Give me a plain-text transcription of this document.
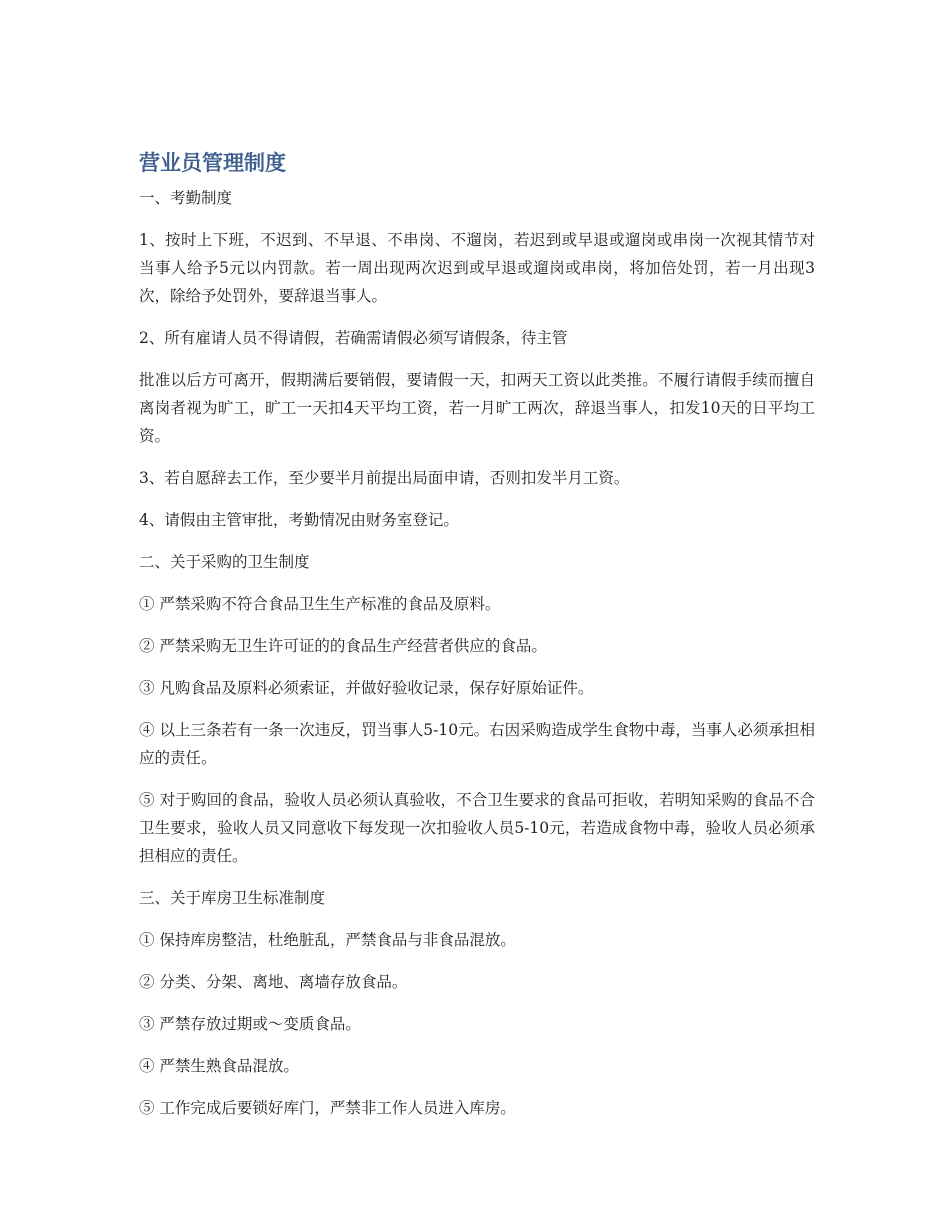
营业员管理制度
一、考勤制度

1、按时上下班，不迟到、不早退、不串岗、不遛岗，若迟到或早退或遛岗或串岗一次视其情节对当事人给予5元以内罚款。若一周出现两次迟到或早退或遛岗或串岗，将加倍处罚，若一月出现3次，除给予处罚外，要辞退当事人。

2、所有雇请人员不得请假，若确需请假必须写请假条，待主管

批准以后方可离开，假期满后要销假，要请假一天，扣两天工资以此类推。不履行请假手续而擅自离岗者视为旷工，旷工一天扣4天平均工资，若一月旷工两次，辞退当事人，扣发10天的日平均工资。

3、若自愿辞去工作，至少要半月前提出局面申请，否则扣发半月工资。

4、请假由主管审批，考勤情况由财务室登记。

二、关于采购的卫生制度

① 严禁采购不符合食品卫生生产标准的食品及原料。

② 严禁采购无卫生许可证的的食品生产经营者供应的食品。

③ 凡购食品及原料必须索证，并做好验收记录，保存好原始证件。

④ 以上三条若有一条一次违反，罚当事人5-10元。右因采购造成学生食物中毒，当事人必须承担相应的责任。

⑤ 对于购回的食品，验收人员必须认真验收，不合卫生要求的食品可拒收，若明知采购的食品不合卫生要求，验收人员又同意收下每发现一次扣验收人员5-10元，若造成食物中毒，验收人员必须承担相应的责任。

三、关于库房卫生标准制度

① 保持库房整洁，杜绝脏乱，严禁食品与非食品混放。

② 分类、分架、离地、离墙存放食品。

③ 严禁存放过期或～变质食品。

④ 严禁生熟食品混放。

⑤ 工作完成后要锁好库门，严禁非工作人员进入库房。
